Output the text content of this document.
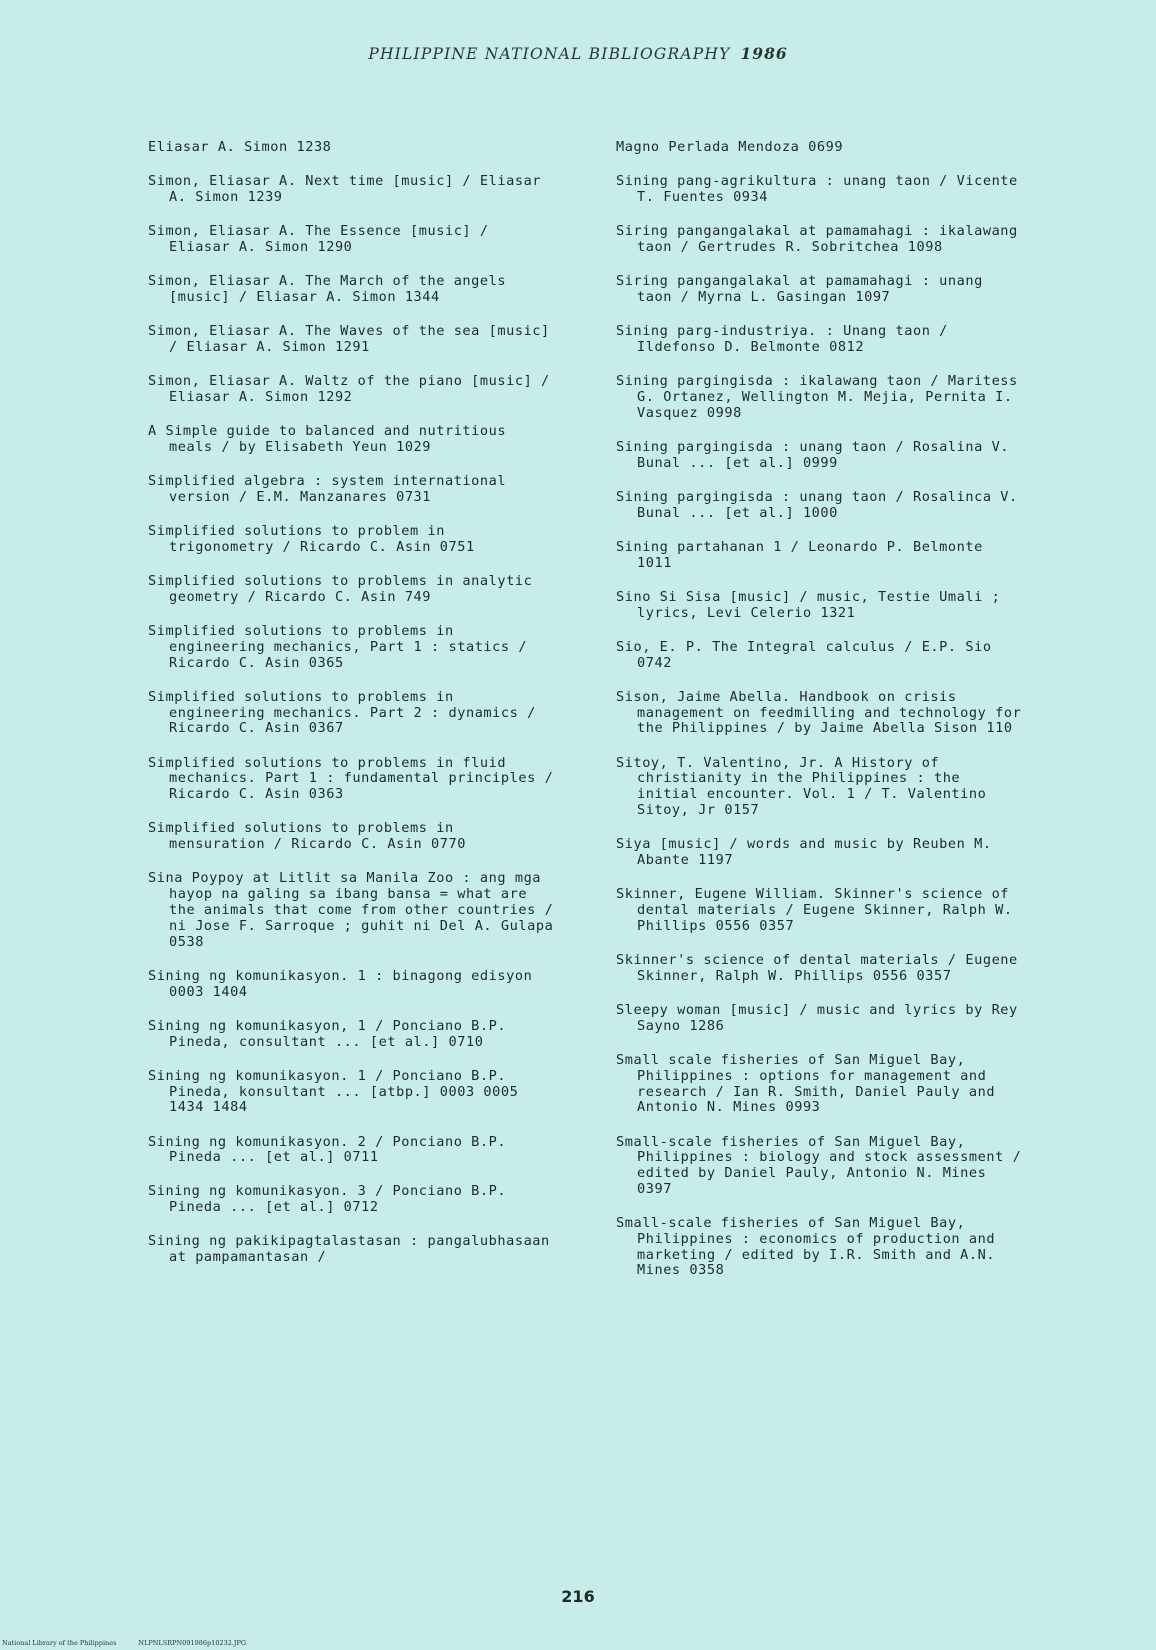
PHILIPPINE NATIONAL BIBLIOGRAPHY 1986

Eliasar A. Simon 1238

Simon, Eliasar A. Next time [music] / Eliasar A. Simon 1239

Simon, Eliasar A. The Essence [music] / Eliasar A. Simon 1290

Simon, Eliasar A. The March of the angels [music] / Eliasar A. Simon 1344

Simon, Eliasar A. The Waves of the sea [music] / Eliasar A. Simon 1291

Simon, Eliasar A. Waltz of the piano [music] / Eliasar A. Simon 1292

A Simple guide to balanced and nutritious meals / by Elisabeth Yeun 1029

Simplified algebra : system international version / E.M. Manzanares 0731

Simplified solutions to problem in trigonometry / Ricardo C. Asin 0751

Simplified solutions to problems in analytic geometry / Ricardo C. Asin 749

Simplified solutions to problems in engineering mechanics, Part 1 : statics / Ricardo C. Asin 0365

Simplified solutions to problems in engineering mechanics. Part 2 : dynamics / Ricardo C. Asin 0367

Simplified solutions to problems in fluid mechanics. Part 1 : fundamental principles / Ricardo C. Asin 0363

Simplified solutions to problems in mensuration / Ricardo C. Asin 0770

Sina Poypoy at Litlit sa Manila Zoo : ang mga hayop na galing sa ibang bansa = what are the animals that come from other countries / ni Jose F. Sarroque ; guhit ni Del A. Gulapa 0538

Sining ng komunikasyon. 1 : binagong edisyon 0003 1404

Sining ng komunikasyon, 1 / Ponciano B.P. Pineda, consultant ... [et al.] 0710

Sining ng komunikasyon. 1 / Ponciano B.P. Pineda, konsultant ... [atbp.] 0003 0005 1434 1484

Sining ng komunikasyon. 2 / Ponciano B.P. Pineda ... [et al.] 0711

Sining ng komunikasyon. 3 / Ponciano B.P. Pineda ... [et al.] 0712

Sining ng pakikipagtalastasan : pangalubhasaan at pampamantasan /

Magno Perlada Mendoza 0699

Sining pang-agrikultura : unang taon / Vicente T. Fuentes 0934

Siring pangangalakal at pamamahagi : ikalawang taon / Gertrudes R. Sobritchea 1098

Siring pangangalakal at pamamahagi : unang taon / Myrna L. Gasingan 1097

Sining parg-industriya. : Unang taon / Ildefonso D. Belmonte 0812

Sining pargingisda : ikalawang taon / Maritess G. Ortanez, Wellington M. Mejia, Pernita I. Vasquez 0998

Sining pargingisda : unang taon / Rosalina V. Bunal ... [et al.] 0999

Sining pargingisda : unang taon / Rosalinca V. Bunal ... [et al.] 1000

Sining partahanan 1 / Leonardo P. Belmonte 1011

Sino Si Sisa [music] / music, Testie Umali ; lyrics, Levi Celerio 1321

Sio, E. P. The Integral calculus / E.P. Sio 0742

Sison, Jaime Abella. Handbook on crisis management on feedmilling and technology for the Philippines / by Jaime Abella Sison 110

Sitoy, T. Valentino, Jr. A History of christianity in the Philippines : the initial encounter. Vol. 1 / T. Valentino Sitoy, Jr 0157

Siya [music] / words and music by Reuben M. Abante 1197

Skinner, Eugene William. Skinner's science of dental materials / Eugene Skinner, Ralph W. Phillips 0556 0357

Skinner's science of dental materials / Eugene Skinner, Ralph W. Phillips 0556 0357

Sleepy woman [music] / music and lyrics by Rey Sayno 1286

Small scale fisheries of San Miguel Bay, Philippines : options for management and research / Ian R. Smith, Daniel Pauly and Antonio N. Mines 0993

Small-scale fisheries of San Miguel Bay, Philippines : biology and stock assessment / edited by Daniel Pauly, Antonio N. Mines 0397

Small-scale fisheries of San Miguel Bay, Philippines : economics of production and marketing / edited by I.R. Smith and A.N. Mines 0358

216
National Library of the Philippines	NLPNLSRPN091986p10232.JPG
